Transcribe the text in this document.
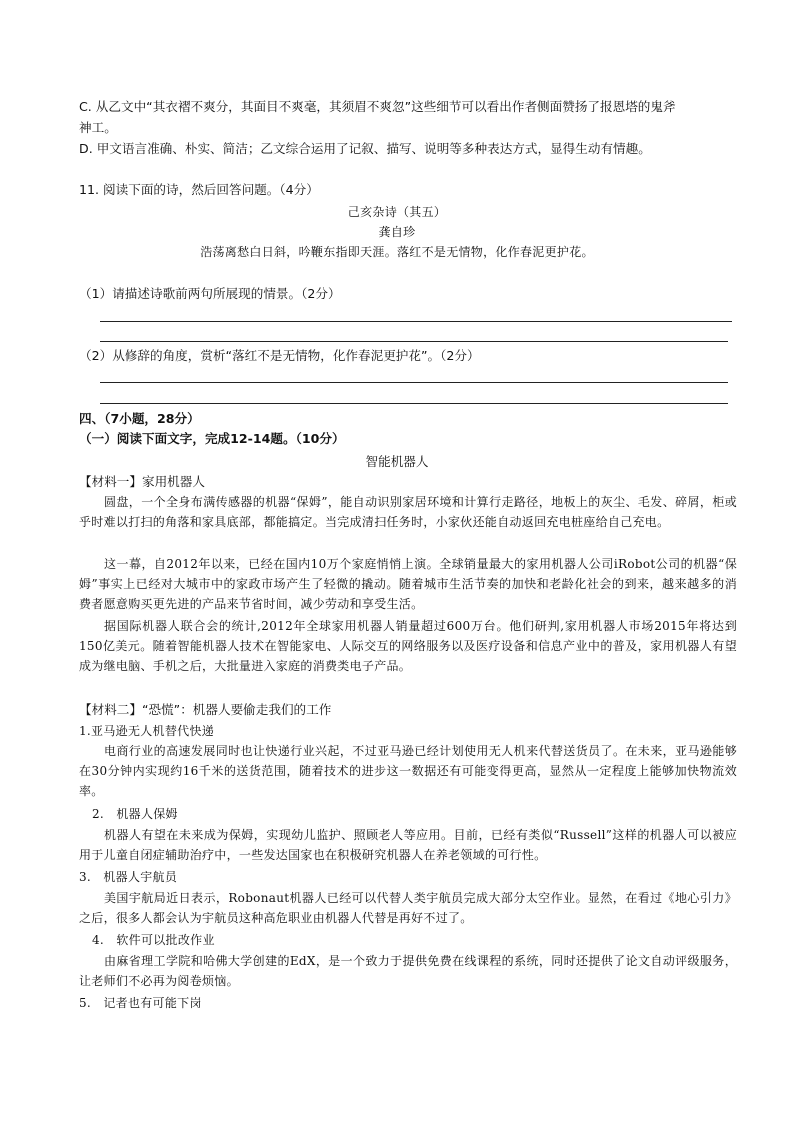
C. 从乙文中“其衣褶不爽分，其面目不爽毫，其须眉不爽忽”这些细节可以看出作者侧面赞扬了报恩塔的鬼斧
神工。
D. 甲文语言准确、朴实、简洁；乙文综合运用了记叙、描写、说明等多种表达方式，显得生动有情趣。
11. 阅读下面的诗，然后回答问题。（4分）
己亥杂诗（其五）
龚自珍
浩荡离愁白日斜，吟鞭东指即天涯。落红不是无情物，化作春泥更护花。
（1）请描述诗歌前两句所展现的情景。（2分）
（2）从修辞的角度，赏析“落红不是无情物，化作春泥更护花”。（2分）
四、（7小题，28分）
（一）阅读下面文字，完成12-14题。（10分）
智能机器人
【材料一】家用机器人
圆盘，一个全身布满传感器的机器“保姆”，能自动识别家居环境和计算行走路径，地板上的灰尘、毛发、碎屑，柜或乎时难以打扫的角落和家具底部，都能搞定。当完成清扫任务时，小家伙还能自动返回充电桩座给自己充电。
这一幕，自2012年以来，已经在国内10万个家庭悄悄上演。全球销量最大的家用机器人公司iRobot公司的机器“保姆”事实上已经对大城市中的家政市场产生了轻微的撬动。随着城市生活节奏的加快和老龄化社会的到来，越来越多的消费者愿意购买更先进的产品来节省时间，减少劳动和享受生活。
据国际机器人联合会的统计,2012年全球家用机器人销量超过600万台。他们研判,家用机器人市场2015年将达到150亿美元。随着智能机器人技术在智能家电、人际交互的网络服务以及医疗设备和信息产业中的普及，家用机器人有望成为继电脑、手机之后，大批量进入家庭的消费类电子产品。
【材料二】“恐慌”：机器人要偷走我们的工作
1.亚马逊无人机替代快递
电商行业的高速发展同时也让快递行业兴起，不过亚马逊已经计划使用无人机来代替送货员了。在未来，亚马逊能够在30分钟内实现约16千米的送货范围，随着技术的进步这一数据还有可能变得更高，显然从一定程度上能够加快物流效率。
2.　机器人保姆
机器人有望在未来成为保姆，实现幼儿监护、照顾老人等应用。目前，已经有类似“Russell”这样的机器人可以被应用于儿童自闭症辅助治疗中，一些发达国家也在积极研究机器人在养老领域的可行性。
3.　机器人宇航员
美国宇航局近日表示，Robonaut机器人已经可以代替人类宇航员完成大部分太空作业。显然，在看过《地心引力》之后，很多人都会认为宇航员这种高危职业由机器人代替是再好不过了。
4.　软件可以批改作业
由麻省理工学院和哈佛大学创建的EdX，是一个致力于提供免费在线课程的系统，同时还提供了论文自动评级服务，让老师们不必再为阅卷烦恼。
5.　记者也有可能下岗
